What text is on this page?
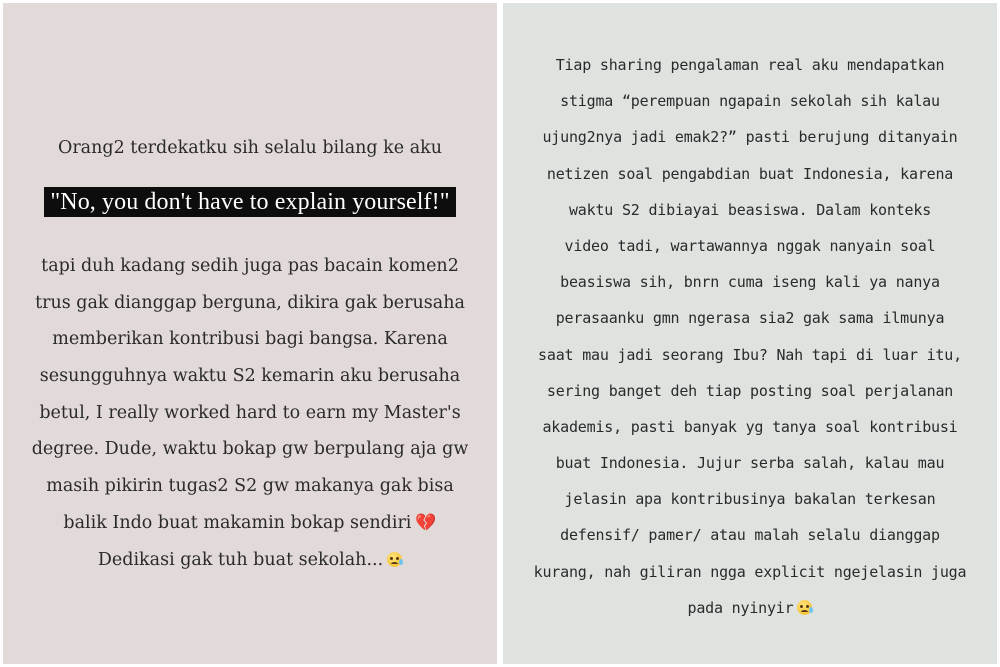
Orang2 terdekatku sih selalu bilang ke aku
"No, you don't have to explain yourself!"
tapi duh kadang sedih juga pas bacain komen2
trus gak dianggap berguna, dikira gak berusaha
memberikan kontribusi bagi bangsa. Karena
sesungguhnya waktu S2 kemarin aku berusaha
betul, I really worked hard to earn my Master's
degree. Dude, waktu bokap gw berpulang aja gw
masih pikirin tugas2 S2 gw makanya gak bisa
balik Indo buat makamin bokap sendiri 💔
Dedikasi gak tuh buat sekolah...
Tiap sharing pengalaman real aku mendapatkan
stigma “perempuan ngapain sekolah sih kalau
ujung2nya jadi emak2?” pasti berujung ditanyain
netizen soal pengabdian buat Indonesia, karena
waktu S2 dibiayai beasiswa. Dalam konteks
video tadi, wartawannya nggak nanyain soal
beasiswa sih, bnrn cuma iseng kali ya nanya
perasaanku gmn ngerasa sia2 gak sama ilmunya
saat mau jadi seorang Ibu? Nah tapi di luar itu,
sering banget deh tiap posting soal perjalanan
akademis, pasti banyak yg tanya soal kontribusi
buat Indonesia. Jujur serba salah, kalau mau
jelasin apa kontribusinya bakalan terkesan
defensif/ pamer/ atau malah selalu dianggap
kurang, nah giliran ngga explicit ngejelasin juga
pada nyinyir
